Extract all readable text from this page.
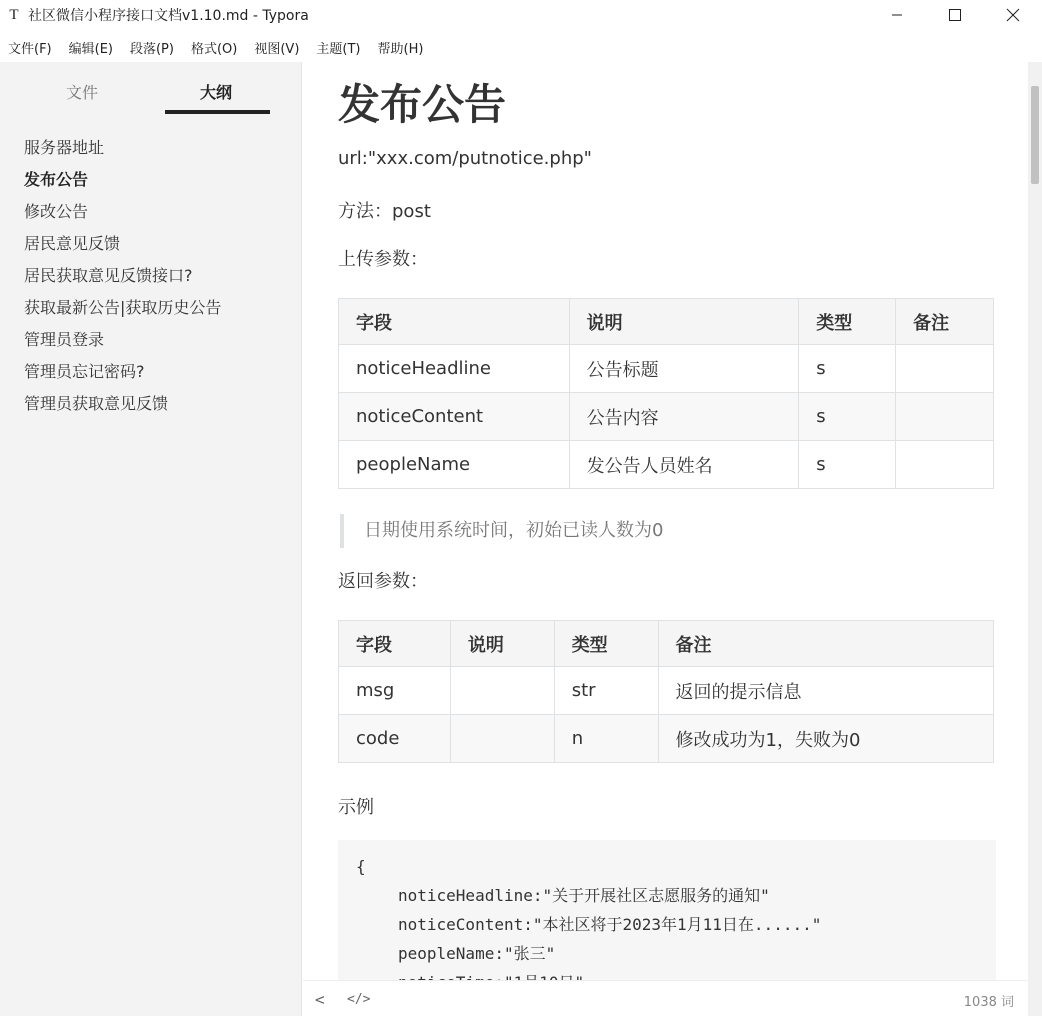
T 社区微信小程序接口文档v1.10.md - Typora
文件(F) 编辑(E) 段落(P) 格式(O) 视图(V) 主题(T) 帮助(H)
文件	大纲
服务器地址
发布公告
修改公告
居民意见反馈
居民获取意见反馈接口?
获取最新公告|获取历史公告
管理员登录
管理员忘记密码?
管理员获取意见反馈
发布公告
url:"xxx.com/putnotice.php"
方法：post
上传参数：
字段	说明	类型	备注
noticeHeadline	公告标题	s	
noticeContent	公告内容	s	
peopleName	发公告人员姓名	s	
日期使用系统时间，初始已读人数为0
返回参数：
字段	说明	类型	备注
msg		str	返回的提示信息
code		n	修改成功为1，失败为0
示例
{
noticeHeadline:"关于开展社区志愿服务的通知"
noticeContent:"本社区将于2023年1月11日在......"
peopleName:"张三"
< </>	1038 词
